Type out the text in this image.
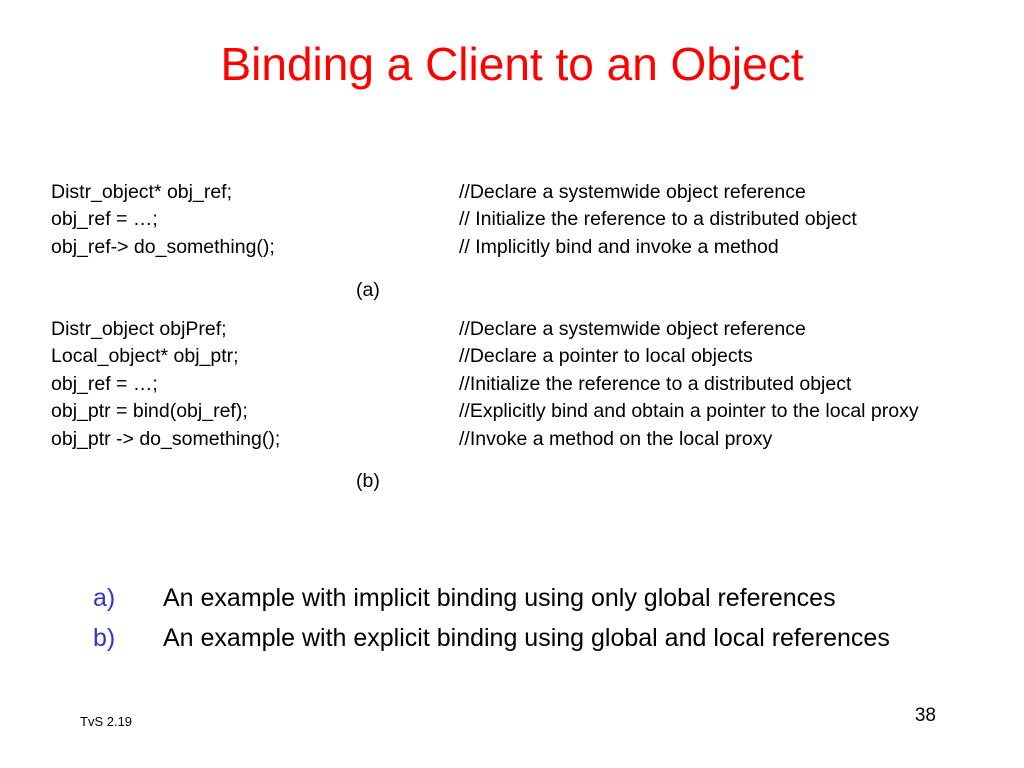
Binding a Client to an Object
Distr_object* obj_ref;	//Declare a systemwide object reference
obj_ref = …;	// Initialize the reference to a distributed object
obj_ref-> do_something();	// Implicitly bind and invoke a method
(a)
Distr_object objPref;	//Declare a systemwide object reference
Local_object* obj_ptr;	//Declare a pointer to local objects
obj_ref = …;	//Initialize the reference to a distributed object
obj_ptr = bind(obj_ref);	//Explicitly bind and obtain a pointer to the local proxy
obj_ptr -> do_something();	//Invoke a method on the local proxy
(b)
a) An example with implicit binding using only global references
b) An example with explicit binding using global and local references
TvS 2.19	38
